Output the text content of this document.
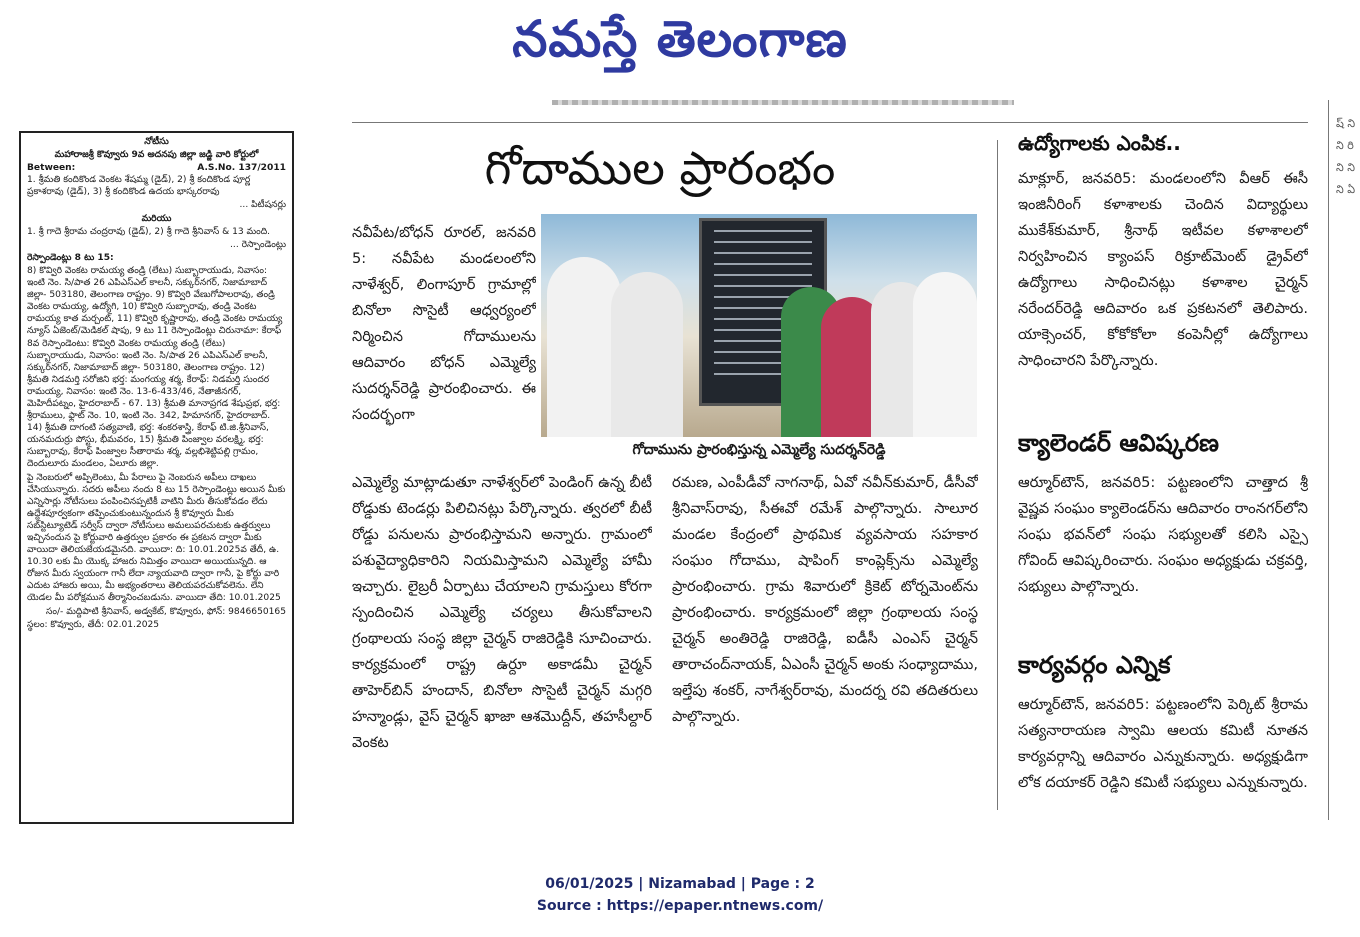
నమస్తే తెలంగాణ

నోటీసు

మహారాజశ్రీ కొవ్వూరు 9వ అదనపు జిల్లా జడ్జి వారి కోర్టులో

Between:	A.S.No. 137/2011

1. శ్రీమతి కందికొండ వెంకట శేషమ్మ (డైడ్), 2) శ్రీ కందికొండ పూర్ణ ప్రకాశరావు (డైడ్), 3) శ్రీ కందికొండ ఉదయ భాస్కరరావు

... పిటీషనర్లు

మరియు

1. శ్రీ గాదె శ్రీరామ చంద్రరావు (డైడ్), 2) శ్రీ గాదె శ్రీనివాస్ & 13 మంది.

... రెస్పాండెంట్లు

రెస్పాండెంట్లు 8 టు 15:

8) కొవ్విరి వెంకట రామయ్య తండ్రి (లేటు) సుబ్బారాయుడు, నివాసం: ఇంటి నెం. సి/పాత 26 ఎపిఎస్ఎల్ కాలనీ, సక్కుర్‌నగర్, నిజామాబాద్ జిల్లా- 503180, తెలంగాణ రాష్ట్రం. 9) కొవ్విరి వేణుగోపాలరావు, తండ్రి వెంకట రామయ్య, ఉద్యోగి, 10) కొవ్విరి సుబ్బారావు, తండ్రి వెంకట రామయ్య కాత మర్చంట్, 11) కొవ్విరి కృష్ణారావు, తండ్రి వెంకట రామయ్య న్యూస్ ఏజెంట్/మెడికల్ షాపు, 9 టు 11 రెస్పాండెంట్లు చిరునామా: కేరాఫ్ 8వ రెస్పాండెంటు: కొవ్విరి వెంకట రామయ్య తండ్రి (లేటు) సుబ్బారాయుడు, నివాసం: ఇంటి నెం. సి/పాత 26 ఎపిఎస్ఎల్ కాలనీ, సక్కుర్‌నగర్, నిజామాబాద్ జిల్లా- 503180, తెలంగాణ రాష్ట్రం. 12) శ్రీమతి నిడమర్తి సరోజిని భర్త: మంగయ్య శర్మ, కేరాఫ్: నిడమర్తి సుందర రామయ్య, నివాసం: ఇంటి నెం. 13-6-433/46, నేతాజీనగర్, మెహిదీపట్నం, హైదరాబాద్ - 67. 13) శ్రీమతి మానాప్రగడ శేషుప్రభ, భర్త: శ్రీరాములు, ఫ్లాట్ నెం. 10, ఇంటి నెం. 342, హిమానగర్, హైదరాబాద్. 14) శ్రీమతి దాగంటి సత్యవాణి, భర్త: శంకరశాస్త్రి, కేరాఫ్ టి.జి.శ్రీనివాస్, యనమదుర్రు పోస్టు, భీమవరం, 15) శ్రీమతి పింజ్వాల వరలక్ష్మి, భర్త: సుబ్బారావు, కేరాఫ్ పింజ్వాల సీతారామ శర్మ, వల్లభిశెట్టిపల్లి గ్రామం, దెందులూరు మండలం, ఏలూరు జిల్లా.

పై నెంబరులో అప్పిలెంటు, మీ పేరాలు పై నెంబరున అపీలు దాఖలు చేసియున్నారు. సదరు అపీలు నందు 8 టు 15 రెస్పాండెంట్లు అయిన మీకు ఎన్నిసార్లు నోటీసులు పంపించినప్పటికీ వాటిని మీరు తీసుకోవడం లేదు ఉద్దేశపూర్వకంగా తప్పించుకుంటున్నందున శ్రీ కొవ్వూరు మీకు సబ్‌స్టిట్యూటెడ్ సర్వీస్ ద్వారా నోటీసులు అమలుపరచుటకు ఉత్తర్వులు ఇచ్చినందున పై కోర్టువారి ఉత్తర్వుల ప్రకారం ఈ ప్రకటన ద్వారా మీకు వాయిదా తెలియజేయడమైనది. వాయిదా: ది: 10.01.2025వ తేదీ, ఉ. 10.30 లకు మీ యొక్క హాజరు నిమిత్తం వాయిదా అయియున్నది. ఆ రోజున మీరు స్వయంగా గానీ లేదా న్యాయవాది ద్వారా గానీ, పై కోర్టు వారి ఎదుట హాజరు అయి, మీ అభ్యంతరాలు తెలియపరచుకోవలెను. లేని యెడల మీ పరోక్షమున తీర్మానించబడును. వాయిదా తేది: 10.01.2025

సం/- మద్దిపాటి శ్రీనివాస్, అడ్వకేట్, కొవ్వూరు, ఫోన్: 9846650165

స్థలం: కొవ్వూరు, తేదీ: 02.01.2025

గోదాముల ప్రారంభం
గోదామును ప్రారంభిస్తున్న ఎమ్మెల్యే సుదర్శన్‌రెడ్డి
నవీపేట/బోధన్ రూరల్, జనవరి 5: నవీపేట మండలంలోని నాళేశ్వర్, లింగాపూర్ గ్రామాల్లో బినోలా సొసైటీ ఆధ్వర్యంలో నిర్మించిన గోదాములను ఆదివారం బోధన్ ఎమ్మెల్యే సుదర్శన్‌రెడ్డి ప్రారంభించారు. ఈ సందర్భంగా
ఎమ్మెల్యే మాట్లాడుతూ నాళేశ్వర్‌లో పెండింగ్ ఉన్న బీటీ రోడ్డుకు టెండర్లు పిలిచినట్లు పేర్కొన్నారు. త్వరలో బీటీ రోడ్డు పనులను ప్రారంభిస్తామని అన్నారు. గ్రామంలో పశువైద్యాధికారిని నియమిస్తామని ఎమ్మెల్యే హామీ ఇచ్చారు. లైబ్రరీ ఏర్పాటు చేయాలని గ్రామస్తులు కోరగా స్పందించిన ఎమ్మెల్యే చర్యలు తీసుకోవాలని గ్రంథాలయ సంస్థ జిల్లా చైర్మన్ రాజిరెడ్డికి సూచించారు. కార్యక్రమంలో రాష్ట్ర ఉర్దూ అకాడమీ చైర్మన్ తాహెర్‌బిన్ హందాన్, బినోలా సొసైటీ చైర్మన్ మగ్గరి హన్మాండ్లు, వైస్ చైర్మన్ ఖాజా ఆశమొద్దీన్, తహసీల్దార్ వెంకట
రమణ, ఎంపీడీవో నాగనాథ్, ఏవో నవీన్‌కుమార్, డీసీవో శ్రీనివాస్‌రావు, సీఈవో రమేశ్ పాల్గొన్నారు. సాలూర మండల కేంద్రంలో ప్రాథమిక వ్యవసాయ సహకార సంఘం గోదాము, షాపింగ్ కాంప్లెక్స్‌ను ఎమ్మెల్యే ప్రారంభించారు. గ్రామ శివారులో క్రికెట్ టోర్నమెంట్‌ను ప్రారంభించారు. కార్యక్రమంలో జిల్లా గ్రంథాలయ సంస్థ చైర్మన్ అంతిరెడ్డి రాజిరెడ్డి, ఐడీసీ ఎంఎస్ చైర్మన్ తారాచంద్‌నాయక్, ఏఎంసీ చైర్మన్ అంకు సంధ్యాదాము, ఇల్తేపు శంకర్, నాగేశ్వర్‌రావు, మందర్న రవి తదితరులు పాల్గొన్నారు.
ఉద్యోగాలకు ఎంపిక..
మాక్లూర్, జనవరి5: మండలంలోని వీఆర్ ఈసీ ఇంజినీరింగ్ కళాశాలకు చెందిన విద్యార్థులు ముకేశ్‌కుమార్, శ్రీనాథ్ ఇటీవల కళాశాలలో నిర్వహించిన క్యాంపస్ రిక్రూట్‌మెంట్ డ్రైవ్‌లో ఉద్యోగాలు సాధించినట్లు కళాశాల చైర్మన్ నరేందర్‌రెడ్డి ఆదివారం ఒక ప్రకటనలో తెలిపారు. యాక్సెంచర్, కోకోకోలా కంపెనీల్లో ఉద్యోగాలు సాధించారని పేర్కొన్నారు.
క్యాలెండర్ ఆవిష్కరణ
ఆర్మూర్‌టౌన్, జనవరి5: పట్టణంలోని చాత్తాద శ్రీ వైష్ణవ సంఘం క్యాలెండర్‌ను ఆదివారం రాంనగర్‌లోని సంఘ భవన్‌లో సంఘ సభ్యులతో కలిసి ఎస్సై గోవింద్ ఆవిష్కరించారు. సంఘం అధ్యక్షుడు చక్రవర్తి, సభ్యులు పాల్గొన్నారు.
కార్యవర్గం ఎన్నిక
ఆర్మూర్‌టౌన్, జనవరి5: పట్టణంలోని పెర్కిట్ శ్రీరామ సత్యనారాయణ స్వామి ఆలయ కమిటీ నూతన కార్యవర్గాన్ని ఆదివారం ఎన్నుకున్నారు. అధ్యక్షుడిగా లోక దయాకర్ రెడ్డిని కమిటీ సభ్యులు ఎన్నుకున్నారు.
ష్ ని ని రి ని ని ని ఏ
06/01/2025 | Nizamabad | Page : 2
Source : https://epaper.ntnews.com/
